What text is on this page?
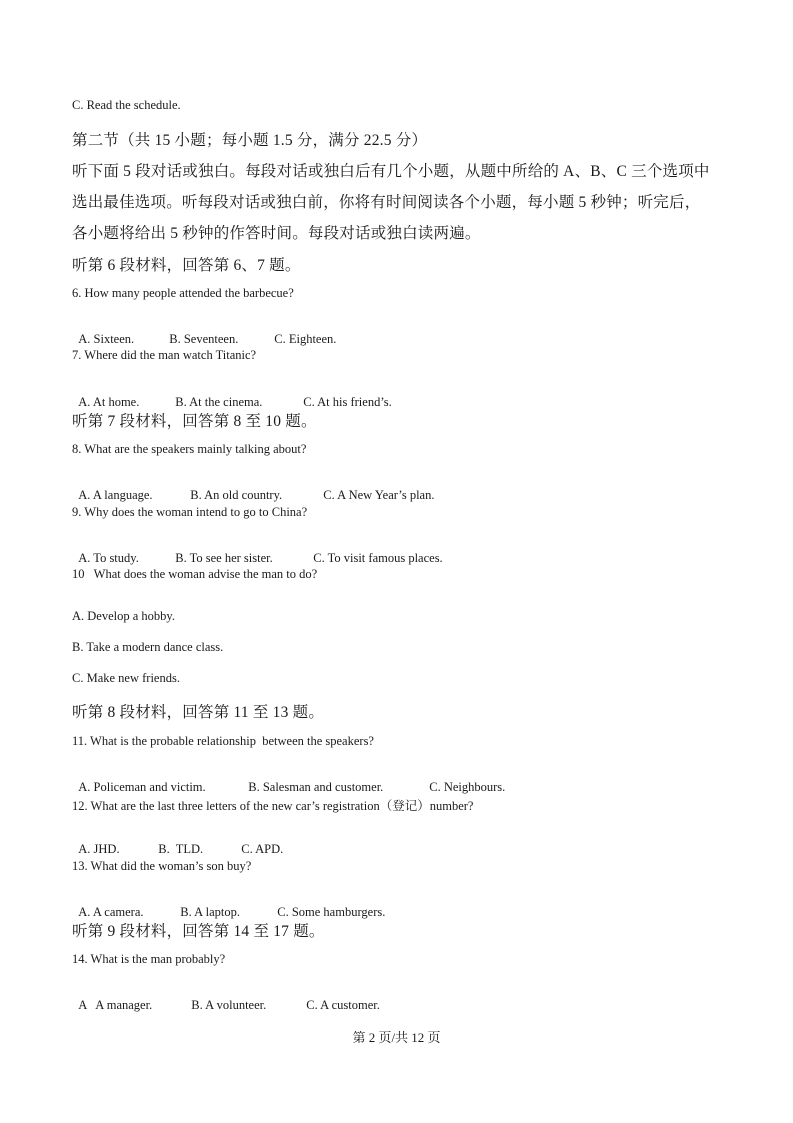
C. Read the schedule.
第二节（共 15 小题；每小题 1.5 分，满分 22.5 分）
听下面 5 段对话或独白。每段对话或独白后有几个小题，从题中所给的 A、B、C 三个选项中
选出最佳选项。听每段对话或独白前，你将有时间阅读各个小题，每小题 5 秒钟；听完后，
各小题将给出 5 秒钟的作答时间。每段对话或独白读两遍。
听第 6 段材料，回答第 6、7 题。
6. How many people attended the barbecue?

A. Sixteen.	B. Seventeen.	C. Eighteen.

7. Where did the man watch Titanic?

A. At home.	B. At the cinema.	C. At his friend’s.

听第 7 段材料，回答第 8 至 10 题。
8. What are the speakers mainly talking about?

A. A language.	B. An old country.	C. A New Year’s plan.

9. Why does the woman intend to go to China?

A. To study.	B. To see her sister.	C. To visit famous places.

10   What does the woman advise the man to do?
A. Develop a hobby.
B. Take a modern dance class.
C. Make new friends.
听第 8 段材料，回答第 11 至 13 题。
11. What is the probable relationship  between the speakers?

A. Policeman and victim.	B. Salesman and customer.	C. Neighbours.

12. What are the last three letters of the new car’s registration（登记）number?

A. JHD.	B.  TLD.	C. APD.

13. What did the woman’s son buy?

A. A camera.	B. A laptop.	C. Some hamburgers.

听第 9 段材料，回答第 14 至 17 题。
14. What is the man probably?

A   A manager.	B. A volunteer.	C. A customer.

第 2 页/共 12 页
